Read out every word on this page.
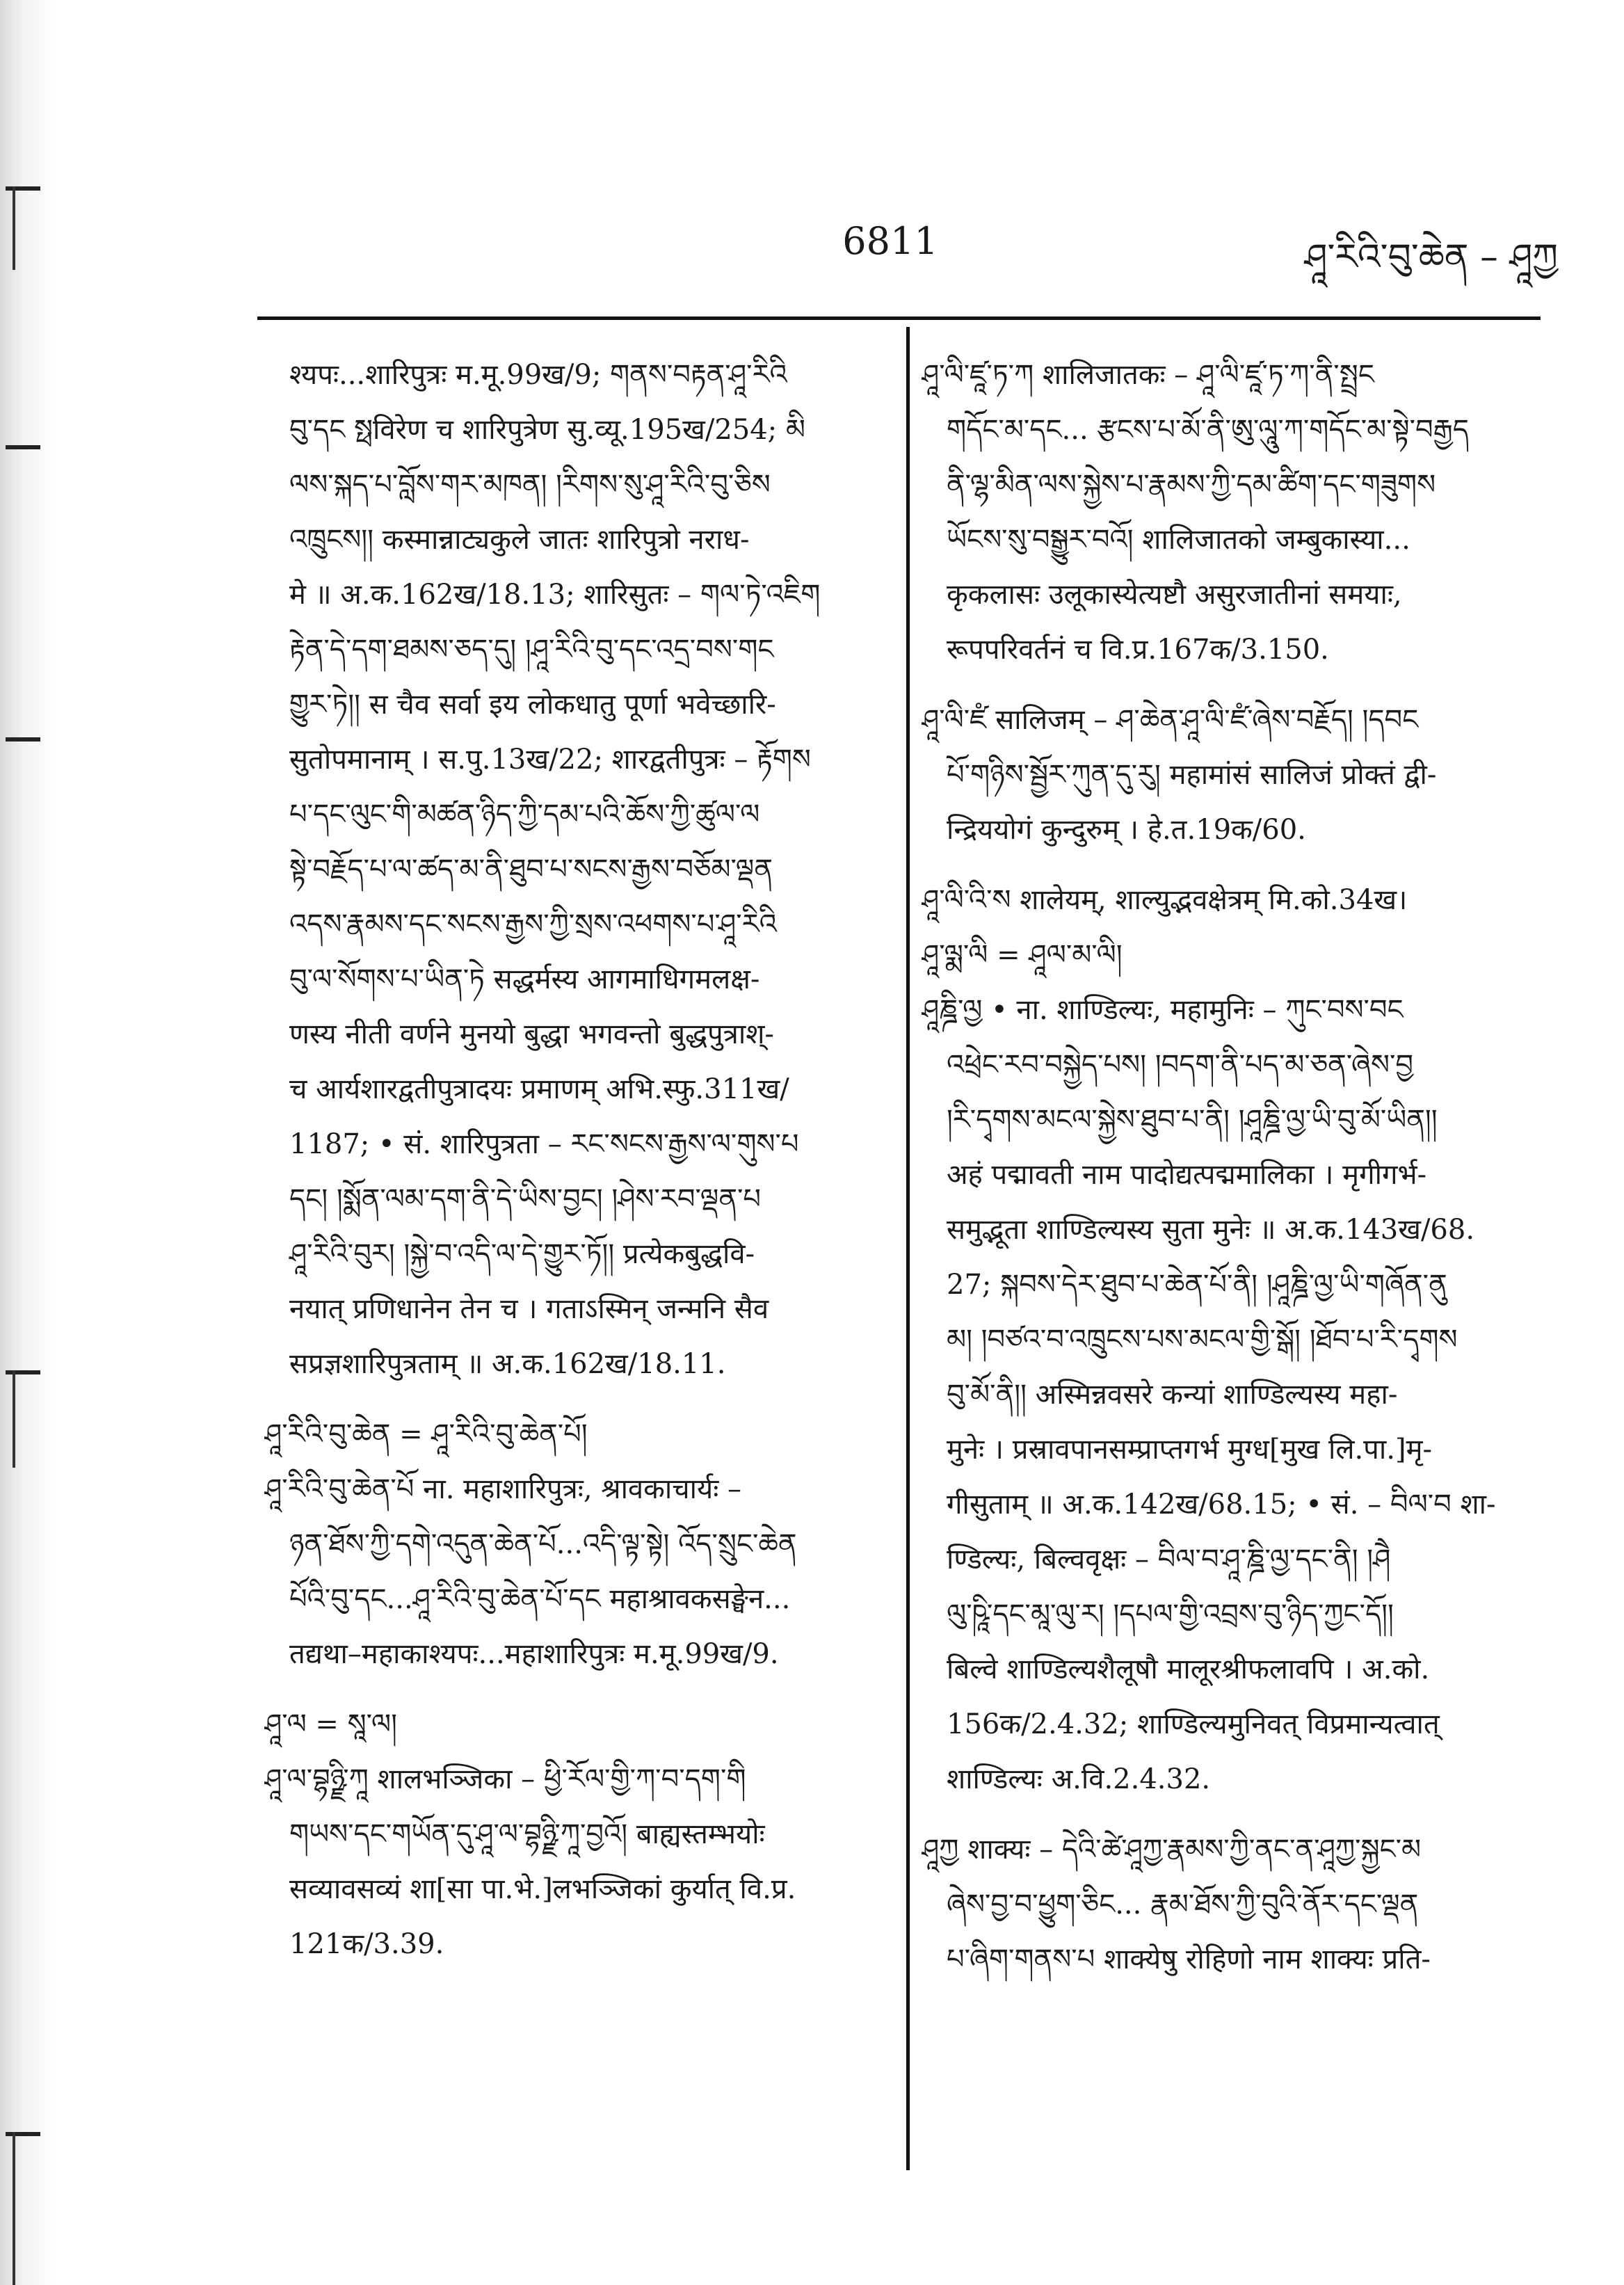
6811	ཤཱ་རིའི་བུ་ཆེན – ཤཱཀྱ
श्यपः...शारिपुत्रः म.मू.99ख/9; གནས་བརྟན་ཤཱ་རིའི
བུ་དང སྥविरेण च शारिपुत्रेण सु.व्यू.195ख/254; མི
ལས་སྐད་པ་བློས་གར་མཁན། །རིགས་སུ་ཤཱ་རིའི་བུ་ཅིས
འཁྲུངས།། कस्मान्नाट्यकुले जातः शारिपुत्रो नराध-
मे ॥ अ.क.162ख/18.13; शारिसुतः – གལ་ཏེ་འཇིག
རྟེན་དེ་དག་ཐམས་ཅད་དུ། །ཤཱ་རིའི་བུ་དང་འདྲ་བས་གང
གྱུར་ཏེ།། स चैव सर्वा इय लोकधातु पूर्णा भवेच्छारि-
सुतोपमानाम् । स.पु.13ख/22; शारद्वतीपुत्रः – རྟོགས
པ་དང་ལུང་གི་མཚན་ཉིད་ཀྱི་དམ་པའི་ཆོས་ཀྱི་ཚུལ་ལ
སྟེ་བརྗོད་པ་ལ་ཚད་མ་ནི་ཐུབ་པ་སངས་རྒྱས་བཅོམ་ལྡན
འདས་རྣམས་དང་སངས་རྒྱས་ཀྱི་སྲས་འཕགས་པ་ཤཱ་རིའི
བུ་ལ་སོགས་པ་ཡིན་ཏེ सद्धर्मस्य आगमाधिगमलक्ष-
णस्य नीती वर्णने मुनयो बुद्धा भगवन्तो बुद्धपुत्राश्-
च आर्यशारद्वतीपुत्रादयः प्रमाणम् अभि.स्फु.311ख/
1187; • सं. शारिपुत्रता – རང་སངས་རྒྱས་ལ་གུས་པ
དང། །སྨོན་ལམ་དག་ནི་དེ་ཡིས་བྱང། །ཤེས་རབ་ལྡན་པ
ཤཱ་རིའི་བུར། །སྐྱེ་བ་འདི་ལ་དེ་གྱུར་ཏོ།། प्रत्येकबुद्धवि-
नयात् प्रणिधानेन तेन च । गताऽस्मिन् जन्मनि सैव
सप्रज्ञशारिपुत्रताम् ॥ अ.क.162ख/18.11.
ཤཱ་རིའི་བུ་ཆེན = ཤཱ་རིའི་བུ་ཆེན་པོ།
ཤཱ་རིའི་བུ་ཆེན་པོ ना. महाशारिपुत्रः, श्रावकाचार्यः –
ཉན་ཐོས་ཀྱི་དགེ་འདུན་ཆེན་པོ...འདི་ལྟ་སྟེ། འོད་སྲུང་ཆེན
པོའི་བུ་དང...ཤཱ་རིའི་བུ་ཆེན་པོ་དང महाश्रावकसङ्घेन...
तद्यथा–महाकाश्यपः...महाशारिपुत्रः म.मू.99ख/9.
ཤཱ་ལ = སཱ་ལ།
ཤཱ་ལ་བྷཉྫི་ཀཱ शालभञ्जिका – ཕྱི་རོལ་གྱི་ཀ་བ་དག་གི
གཡས་དང་གཡོན་དུ་ཤཱ་ལ་བྷཉྫི་ཀཱ་བྱའོ། बाह्यस्तम्भयोः
सव्यावसव्यं शा[सा पा.भे.]लभञ्जिकां कुर्यात् वि.प्र.
121क/3.39.
ཤཱ་ལི་ཛཱ་ཏ་ཀ शालिजातकः – ཤཱ་ལི་ཛཱ་ཏ་ཀ་ནི་སྤྲང
གདོང་མ་དང... རྩངས་པ་མོ་ནི་ཨུ་ལཱུ་ཀ་གདོང་མ་སྟེ་བརྒྱད
ནི་ལྷ་མིན་ལས་སྐྱེས་པ་རྣམས་ཀྱི་དམ་ཚིག་དང་གཟུགས
ཡོངས་སུ་བསྒྱུར་བའོ། शालिजातको जम्बुकास्या...
कृकलासः उलूकास्येत्यष्टौ असुरजातीनां समयाः,
रूपपरिवर्तनं च वि.प्र.167क/3.150.
ཤཱ་ལི་ཛཾ सालिजम् – ཤ་ཆེན་ཤཱ་ལི་ཛཾ་ཞེས་བརྗོད། །དབང
པོ་གཉིས་སྦྱོར་ཀུན་དུ་རུ། महामांसं सालिजं प्रोक्तं द्वी-
न्द्रिययोगं कुन्दुरुम् । हे.त.19क/60.
ཤཱ་ལི་འི་ས शालेयम्, शाल्युद्भवक्षेत्रम् मि.को.34ख।
ཤཱ་ལྨ་ལི = ཤཱལ་མ་ལི།
ཤཱཎྜི་ལྱ • ना. शाण्डिल्यः, महामुनिः – ཀུང་བས་བང
འཕྲེང་རབ་བསྐྱེད་པས། །བདག་ནི་པད་མ་ཅན་ཞེས་བྱ
།རི་དྭགས་མངལ་སྐྱེས་ཐུབ་པ་ནི། །ཤཱཎྜི་ལྱ་ཡི་བུ་མོ་ཡིན།།
अहं पद्मावती नाम पादोद्यत्पद्ममालिका । मृगीगर्भ-
समुद्भूता शाण्डिल्यस्य सुता मुनेः ॥ अ.क.143ख/68.
27; སྐབས་དེར་ཐུབ་པ་ཆེན་པོ་ནི། །ཤཱཎྜི་ལྱ་ཡི་གཞོན་ནུ
མ། །བཙའ་བ་འཁྲུངས་པས་མངལ་གྱི་སྒོ། །ཐོབ་པ་རི་དྭགས
བུ་མོ་ནི།། अस्मिन्नवसरे कन्यां शाण्डिल्यस्य महा-
मुनेः । प्रस्रावपानसम्प्राप्तगर्भ मुग्ध[मुख लि.पा.]मृ-
गीसुताम् ॥ अ.क.142ख/68.15; • सं. – བིལ་བ शा-
ण्डिल्यः, बिल्ववृक्षः – བིལ་བ་ཤཱ་ཎྜི་ལྱ་དང་ནི། །ཤཻ
ལུ་ཥཱི་དང་མཱ་ལུ་ར། །དཔལ་གྱི་འབྲས་བུ་ཉིད་ཀྱང་དོ།།
बिल्वे शाण्डिल्यशैलूषौ मालूरश्रीफलावपि । अ.को.
156क/2.4.32; शाण्डिल्यमुनिवत् विप्रमान्यत्वात्
शाण्डिल्यः अ.वि.2.4.32.
ཤཱཀྱ शाक्यः – དེའི་ཚེ་ཤཱཀྱ་རྣམས་ཀྱི་ནང་ན་ཤཱཀྱ་སྐྱང་མ
ཞེས་བྱ་བ་ཕྱུག་ཅིང... རྣམ་ཐོས་ཀྱི་བུའི་ནོར་དང་ལྡན
པ་ཞིག་གནས་པ शाक्येषु रोहिणो नाम शाक्यः प्रति-
